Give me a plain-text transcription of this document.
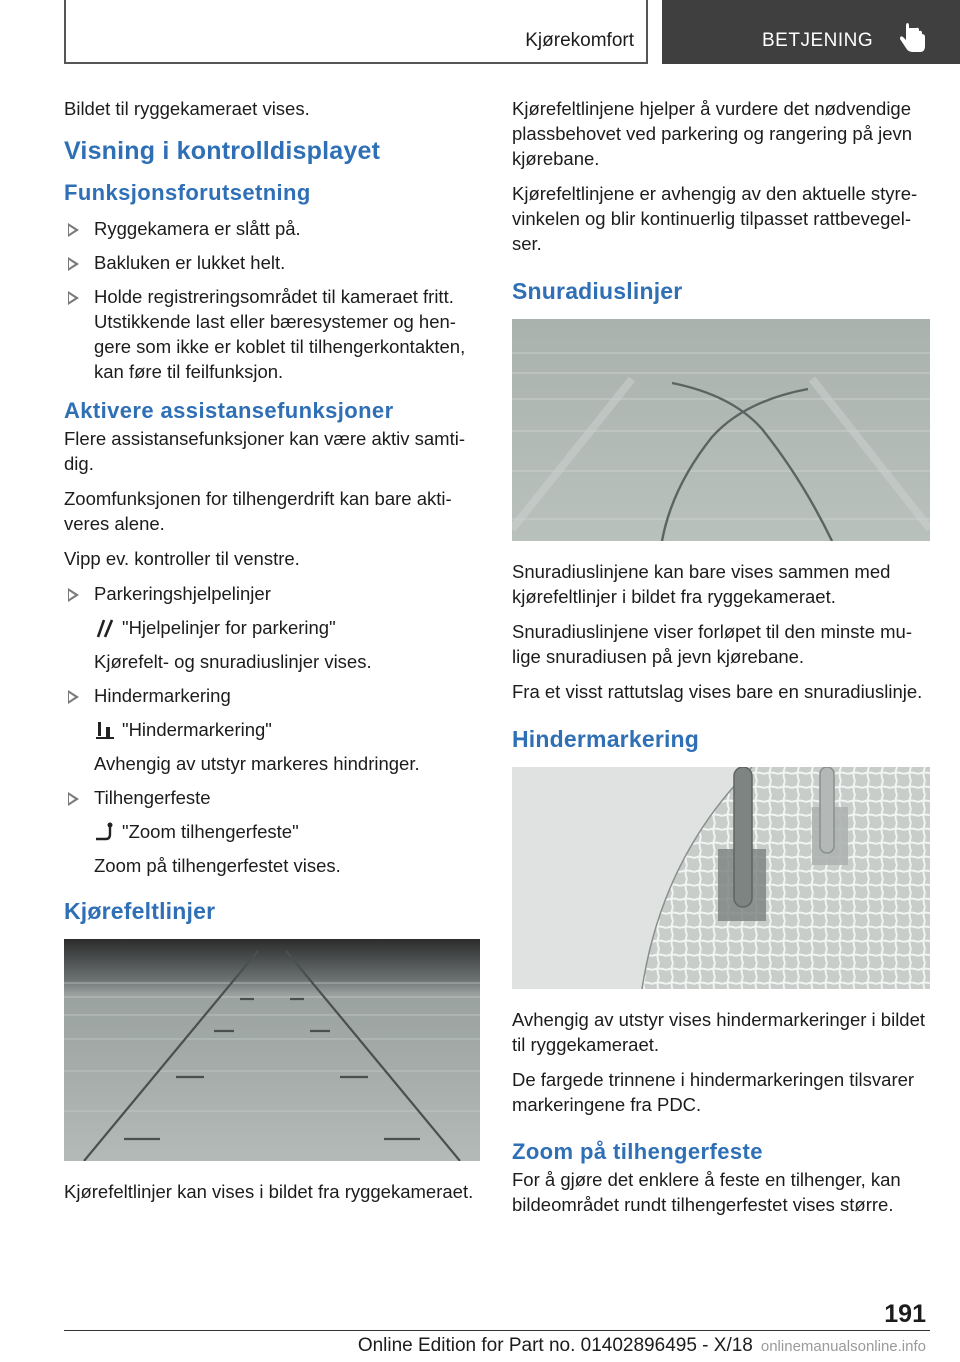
Kjørekomfort	BETJENING

Bildet til ryggekameraet vises.

Visning i kontrolldisplayet
Funksjonsforutsetning
Ryggekamera er slått på.
Bakluken er lukket helt.
Holde registreringsområdet til kameraet fritt. Utstikkende last eller bæresystemer og hengere som ikke er koblet til tilhengerkontakten, kan føre til feilfunksjon.
Aktivere assistansefunksjoner

Flere assistansefunksjoner kan være aktiv samtidig.

Zoomfunksjonen for tilhengerdrift kan bare aktiveres alene.

Vipp ev. kontroller til venstre.

Parkeringshjelpelinjer
"Hjelpelinjer for parkering"
Kjørefelt- og snuradiuslinjer vises.
Hindermarkering
"Hindermarkering"
Avhengig av utstyr markeres hindringer.
Tilhengerfeste
"Zoom tilhengerfeste"
Zoom på tilhengerfestet vises.
Kjørefeltlinjer

Kjørefeltlinjer kan vises i bildet fra ryggekameraet.

Kjørefeltlinjene hjelper å vurdere det nødvendige plassbehovet ved parkering og rangering på jevn kjørebane.

Kjørefeltlinjene er avhengig av den aktuelle styrevinkelen og blir kontinuerlig tilpasset rattbevegelser.

Snuradiuslinjer

Snuradiuslinjene kan bare vises sammen med kjørefeltlinjer i bildet fra ryggekameraet.

Snuradiuslinjene viser forløpet til den minste mulige snuradiusen på jevn kjørebane.

Fra et visst rattutslag vises bare en snuradiuslinje.

Hindermarkering

Avhengig av utstyr vises hindermarkeringer i bildet til ryggekameraet.

De fargede trinnene i hindermarkeringen tilsvarer markeringene fra PDC.

Zoom på tilhengerfeste

For å gjøre det enklere å feste en tilhenger, kan bildeområdet rundt tilhengerfestet vises større.

191
Online Edition for Part no. 01402896495 - X/18 onlinemanualsonline.info
